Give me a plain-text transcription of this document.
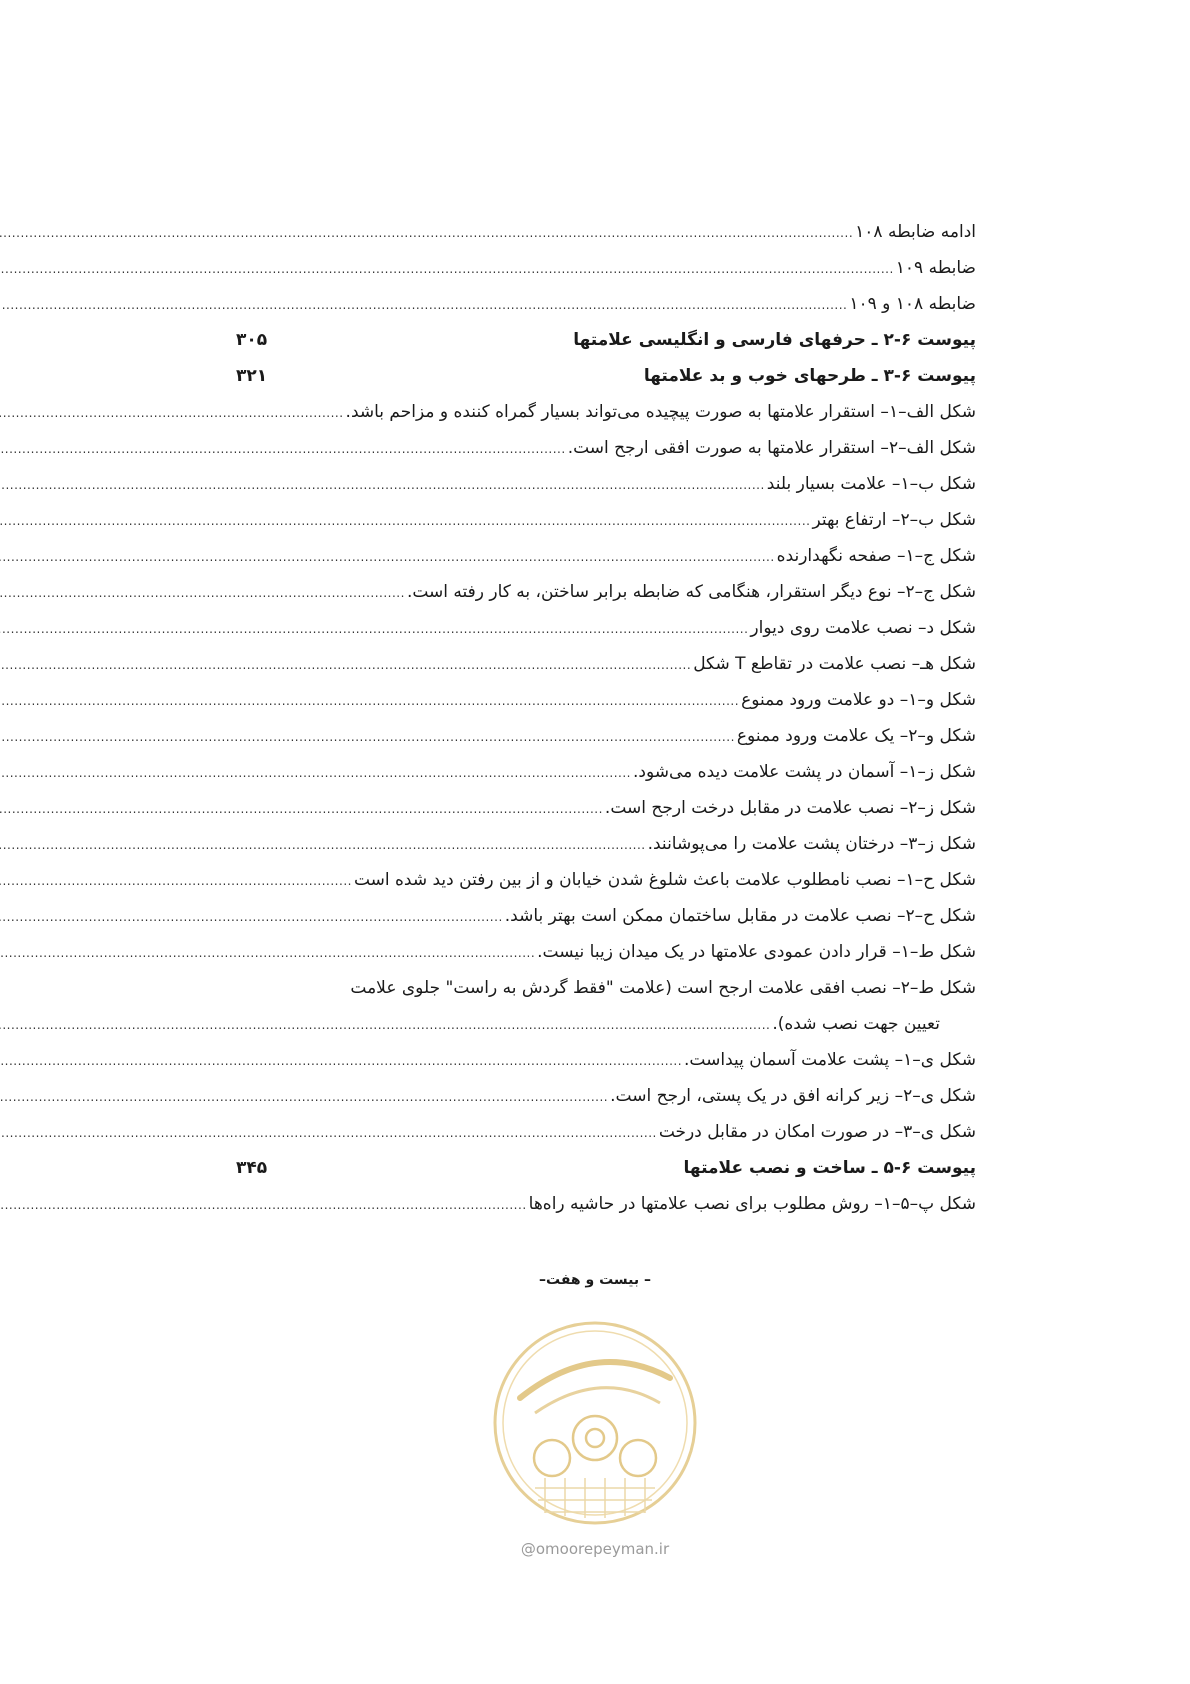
ادامه ضابطه ۱۰۸
.....
ضابطه ۱۰۹
.....
ضابطه ۱۰۸ و ۱۰۹
.....
پیوست ۶-۲ ـ حرفهای فارسی و انگلیسی علامتها
۳۰۵
پیوست ۶-۳ ـ طرحهای خوب و بد علامتها
۳۲۱
شکل الف–۱– استقرار علامتها به صورت پیچیده می‌تواند بسیار گمراه کننده و مزاحم باشد.
.....
شکل الف–۲– استقرار علامتها به صورت افقی ارجح است.
.....
شکل ب–۱– علامت بسیار بلند
.....
شکل ب–۲– ارتفاع بهتر
.....
شکل ج–۱– صفحه نگهدارنده
.....
شکل ج–۲– نوع دیگر استقرار، هنگامی که ضابطه برابر ساختن، به کار رفته است.
.....
شکل د– نصب علامت روی دیوار
.....
شکل هـ– نصب علامت در تقاطع T شکل
.....
شکل و–۱– دو علامت ورود ممنوع
.....
شکل و–۲– یک علامت ورود ممنوع
.....
شکل ز–۱– آسمان در پشت علامت دیده می‌شود.
.....
شکل ز–۲– نصب علامت در مقابل درخت ارجح است.
.....
شکل ز–۳– درختان پشت علامت را می‌پوشانند.
.....
شکل ح–۱– نصب نامطلوب علامت باعث شلوغ شدن خیابان و از بین رفتن دید شده است
.....
شکل ح–۲– نصب علامت در مقابل ساختمان ممکن است بهتر باشد.
.....
شکل ط–۱– قرار دادن عمودی علامتها در یک میدان زیبا نیست.
.....
شکل ط–۲– نصب افقی علامت ارجح است (علامت "فقط گردش به راست" جلوی علامت
تعیین جهت نصب شده).
.....
شکل ی–۱– پشت علامت آسمان پیداست.
.....
شکل ی–۲– زیر کرانه افق در یک پستی، ارجح است.
.....
شکل ی–۳– در صورت امکان در مقابل درخت
.....
پیوست ۶-۵ ـ ساخت و نصب علامتها
۳۴۵
شکل پ–۵–۱– روش مطلوب برای نصب علامتها در حاشیه راه‌ها
.....
– بیست و هفت–
@omoorepeyman.ir
